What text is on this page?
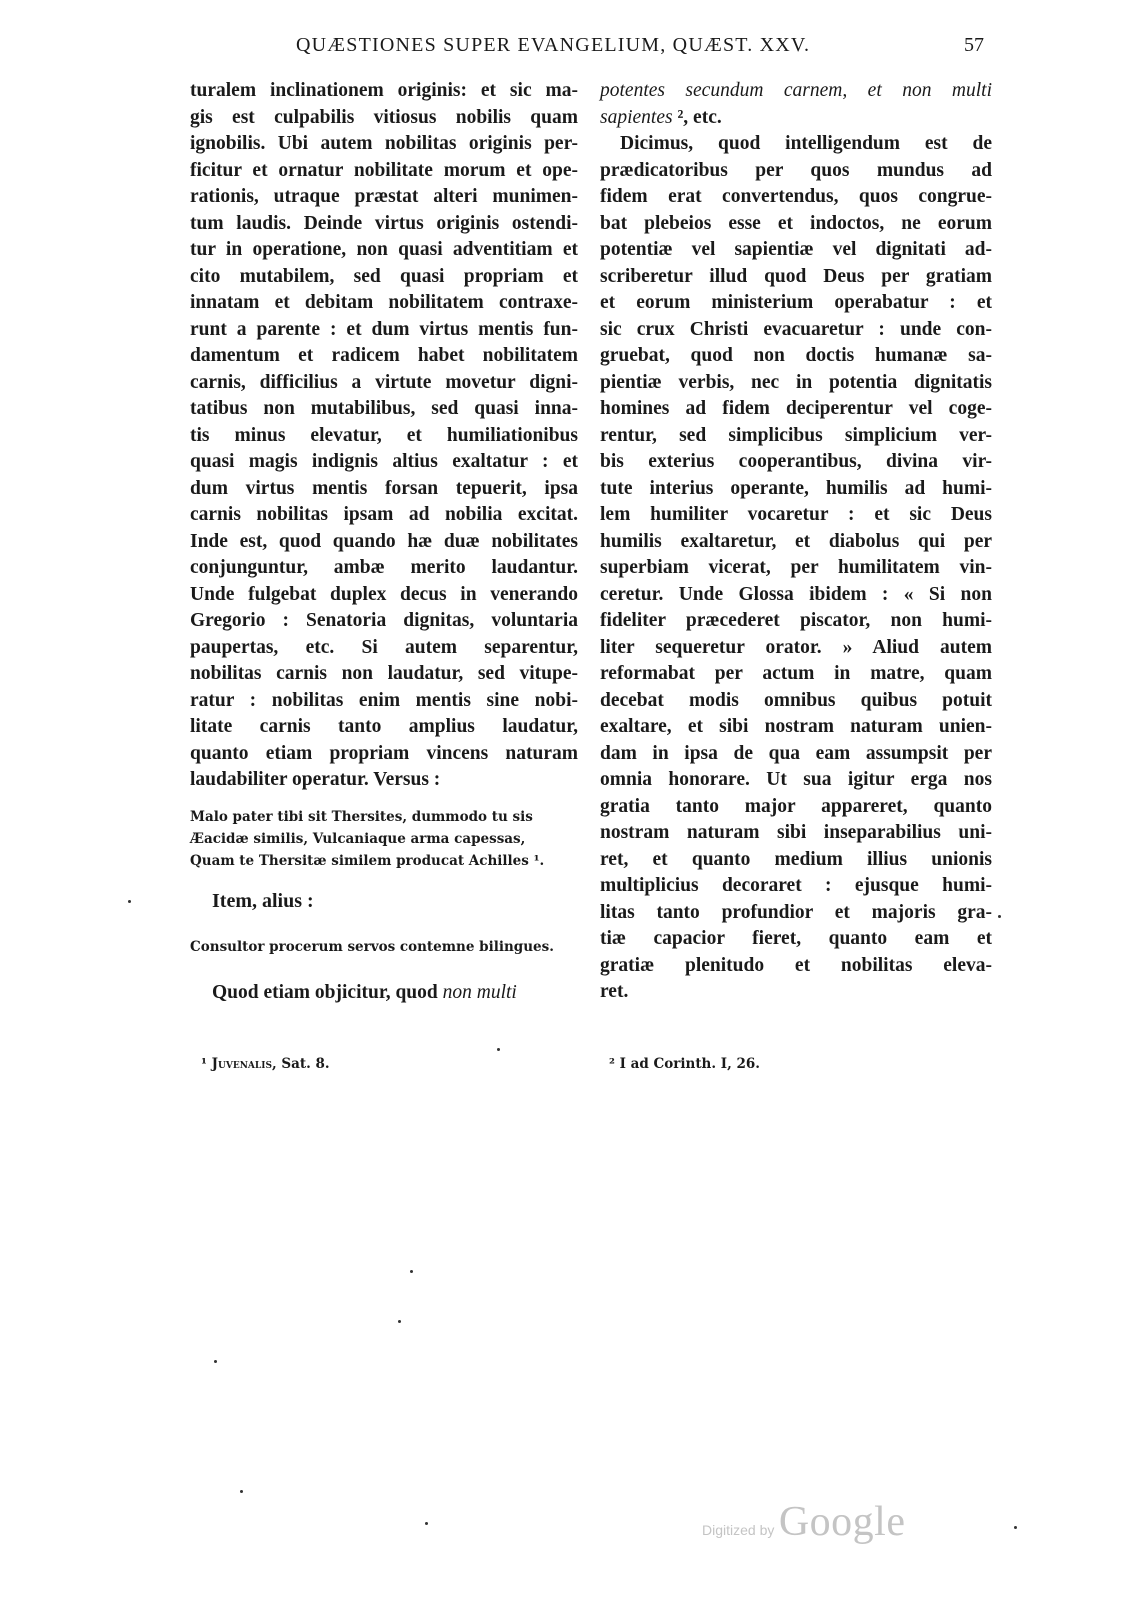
QUÆSTIONES SUPER EVANGELIUM, QUÆST. XXV.	57
turalem inclinationem originis: et sic ma-
gis est culpabilis vitiosus nobilis quam
ignobilis. Ubi autem nobilitas originis per-
ficitur et ornatur nobilitate morum et ope-
rationis, utraque præstat alteri munimen-
tum laudis. Deinde virtus originis ostendi-
tur in operatione, non quasi adventitiam et
cito mutabilem, sed quasi propriam et
innatam et debitam nobilitatem contraxe-
runt a parente : et dum virtus mentis fun-
damentum et radicem habet nobilitatem
carnis, difficilius a virtute movetur digni-
tatibus non mutabilibus, sed quasi inna-
tis minus elevatur, et humiliationibus
quasi magis indignis altius exaltatur : et
dum virtus mentis forsan tepuerit, ipsa
carnis nobilitas ipsam ad nobilia excitat.
Inde est, quod quando hæ duæ nobilitates
conjunguntur, ambæ merito laudantur.
Unde fulgebat duplex decus in venerando
Gregorio : Senatoria dignitas, voluntaria
paupertas, etc. Si autem separentur,
nobilitas carnis non laudatur, sed vitupe-
ratur : nobilitas enim mentis sine nobi-
litate carnis tanto amplius laudatur,
quanto etiam propriam vincens naturam
laudabiliter operatur. Versus :
Malo pater tibi sit Thersites, dummodo tu sis
Æacidæ similis, Vulcaniaque arma capessas,
Quam te Thersitæ similem producat Achilles ¹.
Item, alius :
Consultor procerum servos contemne bilingues.
Quod etiam objicitur, quod non multi
potentes secundum carnem, et non multi
sapientes ², etc.
Dicimus, quod intelligendum est de
prædicatoribus per quos mundus ad
fidem erat convertendus, quos congrue-
bat plebeios esse et indoctos, ne eorum
potentiæ vel sapientiæ vel dignitati ad-
scriberetur illud quod Deus per gratiam
et eorum ministerium operabatur : et
sic crux Christi evacuaretur : unde con-
gruebat, quod non doctis humanæ sa-
pientiæ verbis, nec in potentia dignitatis
homines ad fidem deciperentur vel coge-
rentur, sed simplicibus simplicium ver-
bis exterius cooperantibus, divina vir-
tute interius operante, humilis ad humi-
lem humiliter vocaretur : et sic Deus
humilis exaltaretur, et diabolus qui per
superbiam vicerat, per humilitatem vin-
ceretur. Unde Glossa ibidem : « Si non
fideliter præcederet piscator, non humi-
liter sequeretur orator. » Aliud autem
reformabat per actum in matre, quam
decebat modis omnibus quibus potuit
exaltare, et sibi nostram naturam unien-
dam in ipsa de qua eam assumpsit per
omnia honorare. Ut sua igitur erga nos
gratia tanto major appareret, quanto
nostram naturam sibi inseparabilius uni-
ret, et quanto medium illius unionis
multiplicius decoraret : ejusque humi-
litas tanto profundior et majoris gra-
tiæ capacior fieret, quanto eam et
gratiæ plenitudo et nobilitas eleva-
ret.
¹ Juvenalis, Sat. 8.	² I ad Corinth. I, 26.
Digitized by Google
